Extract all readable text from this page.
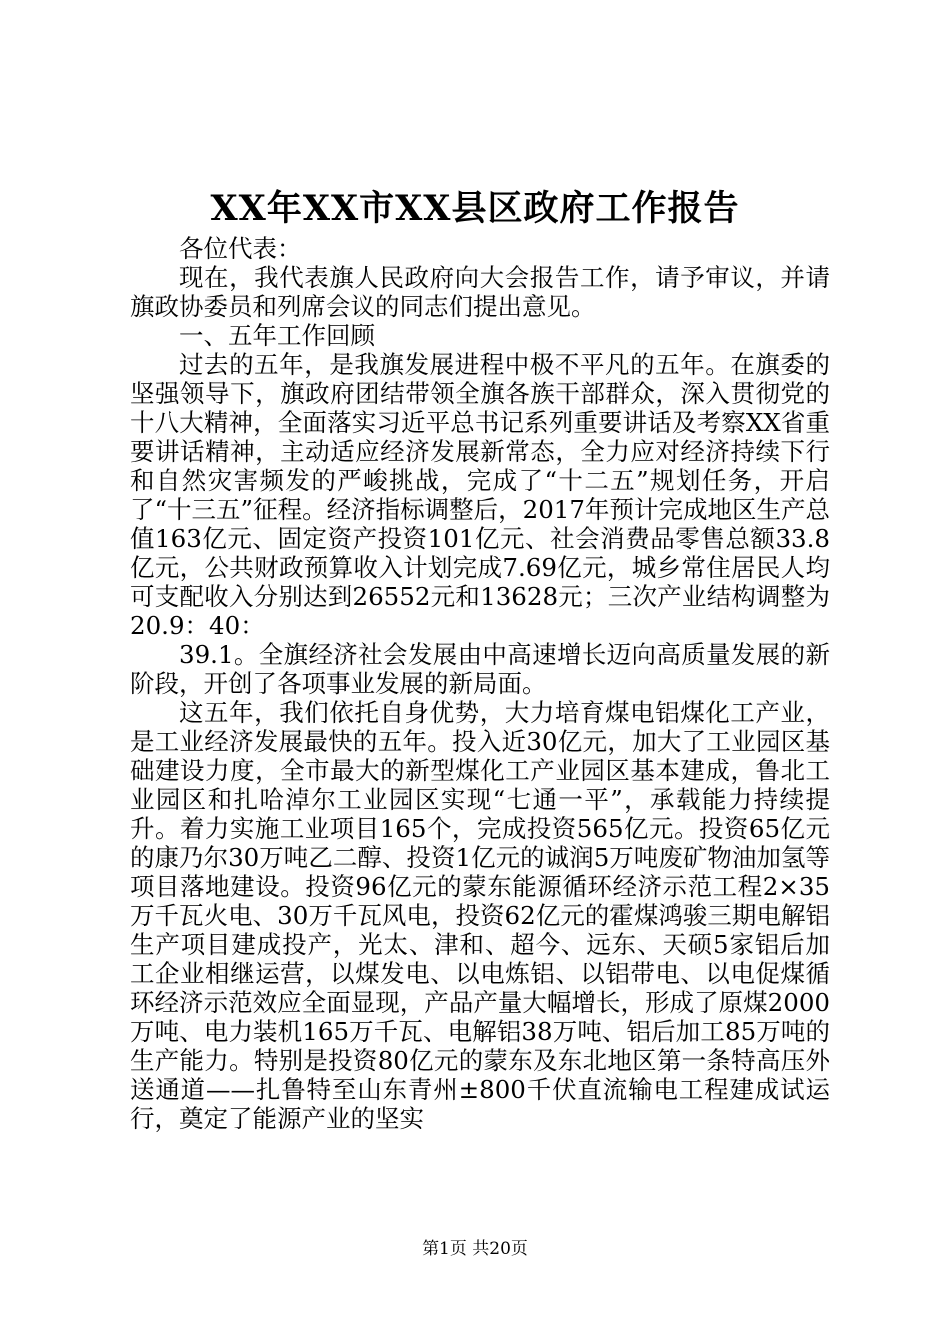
XX年XX市XX县区政府工作报告

各位代表：

现在，我代表旗人民政府向大会报告工作，请予审议，并请旗政协委员和列席会议的同志们提出意见。

一、五年工作回顾

过去的五年，是我旗发展进程中极不平凡的五年。在旗委的坚强领导下，旗政府团结带领全旗各族干部群众，深入贯彻党的十八大精神，全面落实习近平总书记系列重要讲话及考察XX省重要讲话精神，主动适应经济发展新常态，全力应对经济持续下行和自然灾害频发的严峻挑战，完成了“十二五”规划任务，开启了“十三五”征程。经济指标调整后，2017年预计完成地区生产总值163亿元、固定资产投资101亿元、社会消费品零售总额33.8亿元，公共财政预算收入计划完成7.69亿元，城乡常住居民人均可支配收入分别达到26552元和13628元；三次产业结构调整为20.9：40：

39.1。全旗经济社会发展由中高速增长迈向高质量发展的新阶段，开创了各项事业发展的新局面。

这五年，我们依托自身优势，大力培育煤电铝煤化工产业，是工业经济发展最快的五年。投入近30亿元，加大了工业园区基础建设力度，全市最大的新型煤化工产业园区基本建成，鲁北工业园区和扎哈淖尔工业园区实现“七通一平”，承载能力持续提升。着力实施工业项目165个，完成投资565亿元。投资65亿元的康乃尔30万吨乙二醇、投资1亿元的诚润5万吨废矿物油加氢等项目落地建设。投资96亿元的蒙东能源循环经济示范工程2×35万千瓦火电、30万千瓦风电，投资62亿元的霍煤鸿骏三期电解铝生产项目建成投产，光太、津和、超今、远东、天硕5家铝后加工企业相继运营，以煤发电、以电炼铝、以铝带电、以电促煤循环经济示范效应全面显现，产品产量大幅增长，形成了原煤2000万吨、电力装机165万千瓦、电解铝38万吨、铝后加工85万吨的生产能力。特别是投资80亿元的蒙东及东北地区第一条特高压外送通道——扎鲁特至山东青州±800千伏直流输电工程建成试运行，奠定了能源产业的坚实

第1页 共20页
